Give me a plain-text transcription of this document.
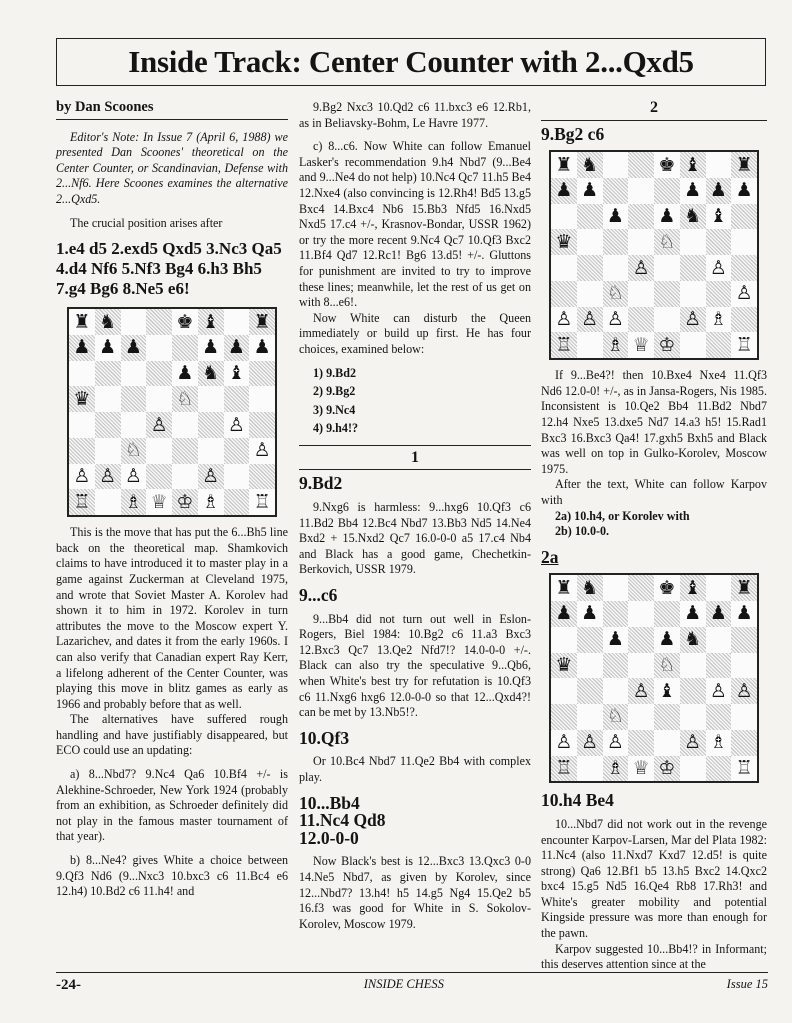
Inside Track: Center Counter with 2...Qxd5
by Dan Scoones

Editor's Note: In Issue 7 (April 6, 1988) we presented Dan Scoones' theoretical on the Center Counter, or Scandinavian, Defense with 2...Nf6. Here Scoones examines the alternative 2...Qxd5.

The crucial position arises after

1.e4 d5 2.exd5 Qxd5 3.Nc3 Qa5 4.d4 Nf6 5.Nf3 Bg4 6.h3 Bh5 7.g4 Bg6 8.Ne5 e6!

♜ ♞	♚ ♝ ♜
♟ ♟ ♟	♟ ♟ ♟
♟ ♞ ♝
♛	♘
♙	♙
♘	♙
♙ ♙ ♙	♙
♖ ♗ ♕ ♔ ♗ ♖

This is the move that has put the 6...Bh5 line back on the theoretical map. Shamkovich claims to have introduced it to master play in a game against Zuckerman at Cleveland 1975, and wrote that Soviet Master A. Korolev had shown it to him in 1972. Korolev in turn attributes the move to the Moscow expert Y. Lazarichev, and dates it from the early 1960s. I can also verify that Canadian expert Ray Kerr, a lifelong adherent of the Center Counter, was playing this move in blitz games as early as 1966 and probably before that as well.

The alternatives have suffered rough handling and have justifiably disappeared, but ECO could use an updating:

a) 8...Nbd7? 9.Nc4 Qa6 10.Bf4 +/- is Alekhine-Schroeder, New York 1924 (probably from an exhibition, as Schroeder definitely did not play in the famous master tournament of that year).

b) 8...Ne4? gives White a choice between 9.Qf3 Nd6 (9...Nxc3 10.bxc3 c6 11.Bc4 e6 12.h4) 10.Bd2 c6 11.h4! and

9.Bg2 Nxc3 10.Qd2 c6 11.bxc3 e6 12.Rb1, as in Beliavsky-Bohm, Le Havre 1977.

c) 8...c6. Now White can follow Emanuel Lasker's recommendation 9.h4 Nbd7 (9...Be4 and 9...Ne4 do not help) 10.Nc4 Qc7 11.h5 Be4 12.Nxe4 (also convincing is 12.Rh4! Bd5 13.g5 Bxc4 14.Bxc4 Nb6 15.Bb3 Nfd5 16.Nxd5 Nxd5 17.c4 +/-, Krasnov-Bondar, USSR 1962) or try the more recent 9.Nc4 Qc7 10.Qf3 Bxc2 11.Bf4 Qd7 12.Rc1! Bg6 13.d5! +/-. Gluttons for punishment are invited to try to improve these lines; meanwhile, let the rest of us get on with 8...e6!.

Now White can disturb the Queen immediately or build up first. He has four choices, examined below:

1) 9.Bd2
2) 9.Bg2
3) 9.Nc4
4) 9.h4!?
1
9.Bd2

9.Nxg6 is harmless: 9...hxg6 10.Qf3 c6 11.Bd2 Bb4 12.Bc4 Nbd7 13.Bb3 Nd5 14.Ne4 Bxd2 + 15.Nxd2 Qc7 16.0-0-0 a5 17.c4 Nb4 and Black has a good game, Chechetkin-Berkovich, USSR 1979.

9...c6

9...Bb4 did not turn out well in Eslon-Rogers, Biel 1984: 10.Bg2 c6 11.a3 Bxc3 12.Bxc3 Qc7 13.Qe2 Nfd7!? 14.0-0-0 +/-. Black can also try the speculative 9...Qb6, when White's best try for refutation is 10.Qf3 c6 11.Nxg6 hxg6 12.0-0-0 so that 12...Qxd4?! can be met by 13.Nb5!?.

10.Qf3

Or 10.Bc4 Nbd7 11.Qe2 Bb4 with complex play.

10...Bb4
11.Nc4 Qd8
12.0-0-0

Now Black's best is 12...Bxc3 13.Qxc3 0-0 14.Ne5 Nbd7, as given by Korolev, since 12...Nbd7? 13.h4! h5 14.g5 Ng4 15.Qe2 b5 16.f3 was good for White in S. Sokolov-Korolev, Moscow 1979.

2
9.Bg2 c6
♜ ♞	♚ ♝ ♜
♟ ♟	♟ ♟ ♟
♟ ♟ ♞ ♝
♛	♘
♙	♙
♘	♙
♙ ♙ ♙	♙ ♗
♖ ♗ ♕ ♔	♖

If 9...Be4?! then 10.Bxe4 Nxe4 11.Qf3 Nd6 12.0-0! +/-, as in Jansa-Rogers, Nis 1985. Inconsistent is 10.Qe2 Bb4 11.Bd2 Nbd7 12.h4 Nxe5 13.dxe5 Nd7 14.a3 h5! 15.Rad1 Bxc3 16.Bxc3 Qa4! 17.gxh5 Bxh5 and Black was well on top in Gulko-Korolev, Moscow 1975.

After the text, White can follow Karpov with

2a) 10.h4, or Korolev with

2b) 10.0-0.

2a
♜ ♞	♚ ♝ ♜
♟ ♟	♟ ♟ ♟
♟ ♟ ♞
♛	♘
♙ ♝ ♙ ♙
♘
♙ ♙ ♙	♙ ♗
♖ ♗ ♕ ♔	♖
10.h4 Be4

10...Nbd7 did not work out in the revenge encounter Karpov-Larsen, Mar del Plata 1982: 11.Nc4 (also 11.Nxd7 Kxd7 12.d5! is quite strong) Qa6 12.Bf1 b5 13.h5 Bxc2 14.Qxc2 bxc4 15.g5 Nd5 16.Qe4 Rb8 17.Rh3! and White's greater mobility and potential Kingside pressure was more than enough for the pawn.

Karpov suggested 10...Bb4!? in Informant; this deserves attention since at the

-24-	INSIDE CHESS	Issue 15
